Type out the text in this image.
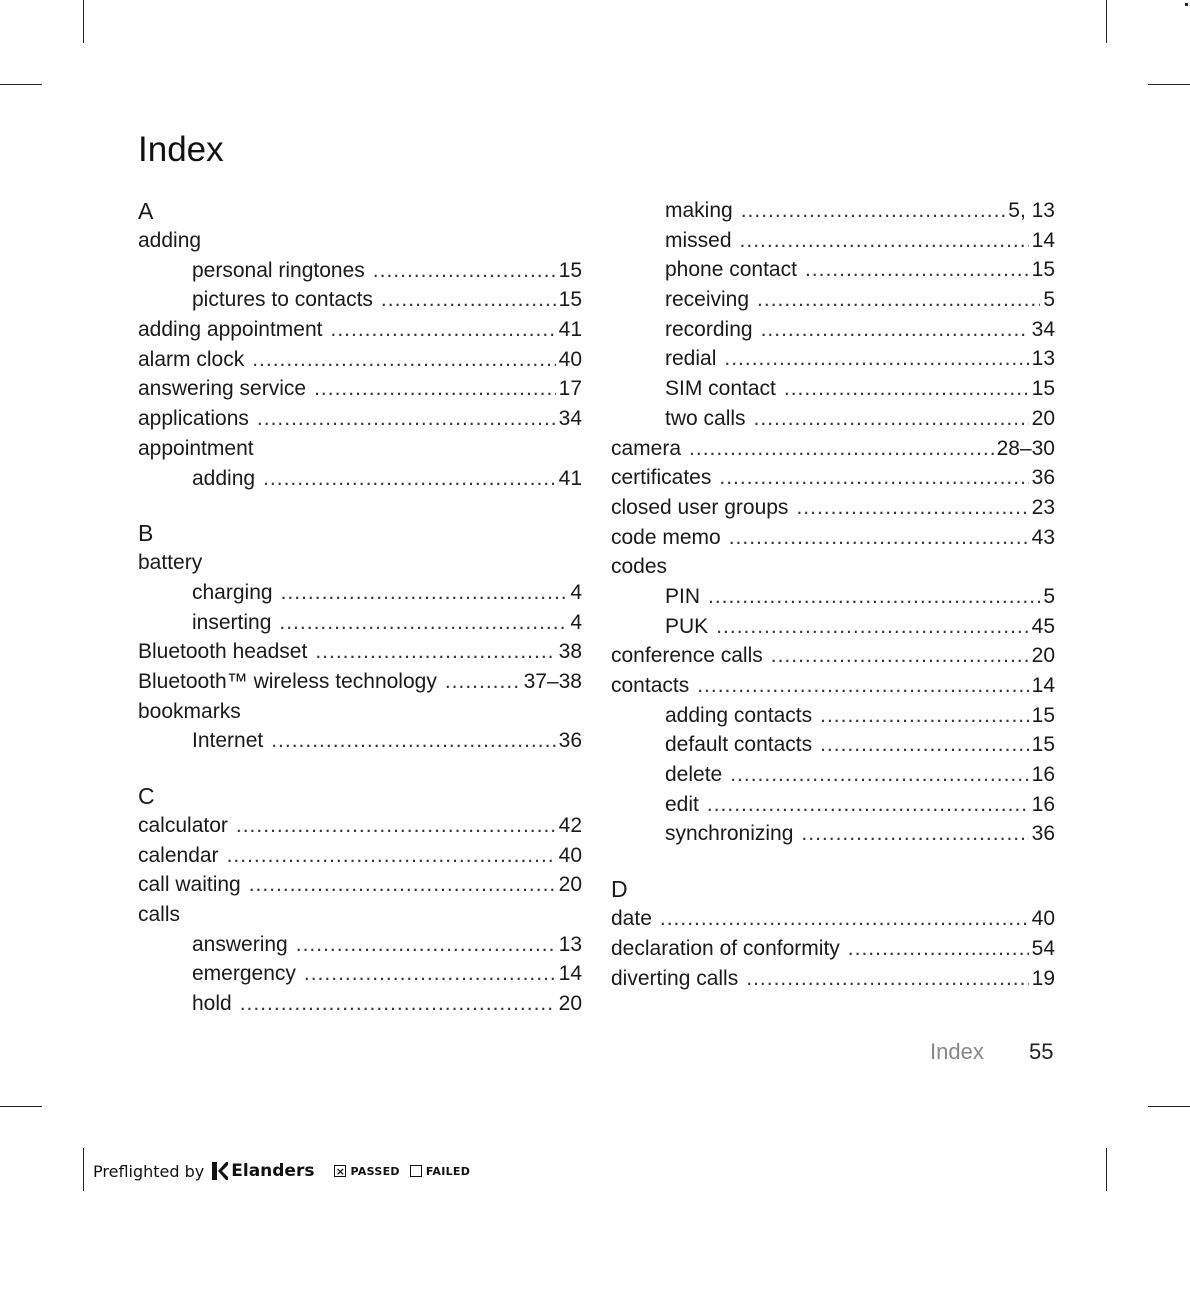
Index
A
adding
personal ringtones .....	15
pictures to contacts .....	15
adding appointment .....	41
alarm clock .....	40
answering service .....	17
applications .....	34
appointment
adding .....	41
B
battery
charging .....	4
inserting .....	4
Bluetooth headset .....	38
Bluetooth™ wireless technology .....	37–38
bookmarks
Internet .....	36
C
calculator .....	42
calendar .....	40
call waiting .....	20
calls
answering .....	13
emergency .....	14
hold .....	20
making .....	5, 13
missed .....	14
phone contact .....	15
receiving .....	5
recording .....	34
redial .....	13
SIM contact .....	15
two calls .....	20
camera .....	28–30
certificates .....	36
closed user groups .....	23
code memo .....	43
codes
PIN .....	5
PUK .....	45
conference calls .....	20
contacts .....	14
adding contacts .....	15
default contacts .....	15
delete .....	16
edit .....	16
synchronizing .....	36
D
date .....	40
declaration of conformity .....	54
diverting calls .....	19
Index 55
Preflighted by Elanders × PASSED FAILED
